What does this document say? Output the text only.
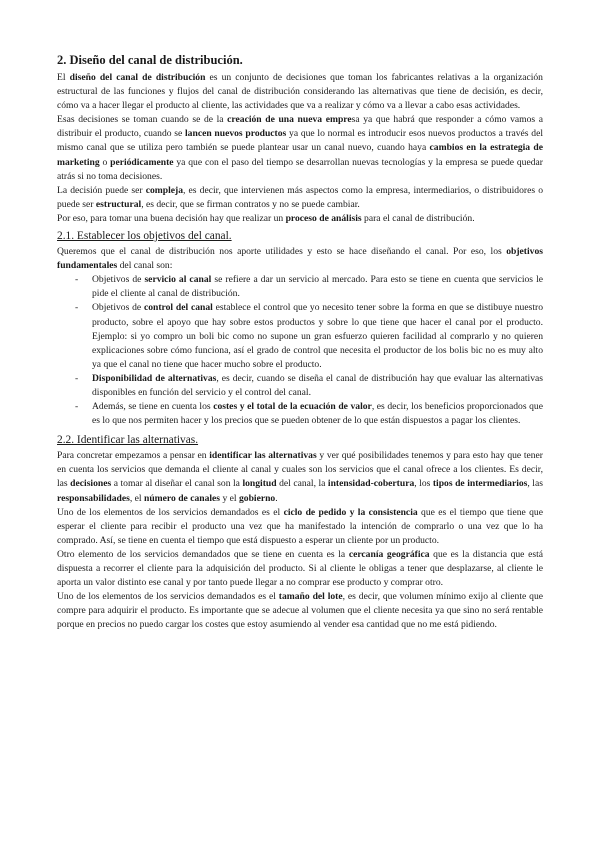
2. Diseño del canal de distribución.

El diseño del canal de distribución es un conjunto de decisiones que toman los fabricantes relativas a la organización estructural de las funciones y flujos del canal de distribución considerando las alternativas que tiene de decisión, es decir, cómo va a hacer llegar el producto al cliente, las actividades que va a realizar y cómo va a llevar a cabo esas actividades.

Esas decisiones se toman cuando se de la creación de una nueva empresa ya que habrá que responder a cómo vamos a distribuir el producto, cuando se lancen nuevos productos ya que lo normal es introducir esos nuevos productos a través del mismo canal que se utiliza pero también se puede plantear usar un canal nuevo, cuando haya cambios en la estrategia de marketing o periódicamente ya que con el paso del tiempo se desarrollan nuevas tecnologías y la empresa se puede quedar atrás si no toma decisiones.

La decisión puede ser compleja, es decir, que intervienen más aspectos como la empresa, intermediarios, o distribuidores o puede ser estructural, es decir, que se firman contratos y no se puede cambiar.

Por eso, para tomar una buena decisión hay que realizar un proceso de análisis para el canal de distribución.

2.1. Establecer los objetivos del canal.

Queremos que el canal de distribución nos aporte utilidades y esto se hace diseñando el canal. Por eso, los objetivos fundamentales del canal son:

- Objetivos de servicio al canal se refiere a dar un servicio al mercado. Para esto se tiene en cuenta que servicios le pide el cliente al canal de distribución.
- Objetivos de control del canal establece el control que yo necesito tener sobre la forma en que se distibuye nuestro producto, sobre el apoyo que hay sobre estos productos y sobre lo que tiene que hacer el canal por el producto. Ejemplo: si yo compro un boli bic como no supone un gran esfuerzo quieren facilidad al comprarlo y no quieren explicaciones sobre cómo funciona, así el grado de control que necesita el productor de los bolis bic no es muy alto ya que el canal no tiene que hacer mucho sobre el producto.
- Disponibilidad de alternativas, es decir, cuando se diseña el canal de distribución hay que evaluar las alternativas disponibles en función del servicio y el control del canal.
- Además, se tiene en cuenta los costes y el total de la ecuación de valor, es decir, los beneficios proporcionados que es lo que nos permiten hacer y los precios que se pueden obtener de lo que están dispuestos a pagar los clientes.
2.2. Identificar las alternativas.

Para concretar empezamos a pensar en identificar las alternativas y ver qué posibilidades tenemos y para esto hay que tener en cuenta los servicios que demanda el cliente al canal y cuales son los servicios que el canal ofrece a los clientes. Es decir, las decisiones a tomar al diseñar el canal son la longitud del canal, la intensidad-cobertura, los tipos de intermediarios, las responsabilidades, el número de canales y el gobierno.

Uno de los elementos de los servicios demandados es el ciclo de pedido y la consistencia que es el tiempo que tiene que esperar el cliente para recibir el producto una vez que ha manifestado la intención de comprarlo o una vez que lo ha comprado. Así, se tiene en cuenta el tiempo que está dispuesto a esperar un cliente por un producto.

Otro elemento de los servicios demandados que se tiene en cuenta es la cercanía geográfica que es la distancia que está dispuesta a recorrer el cliente para la adquisición del producto. Si al cliente le obligas a tener que desplazarse, al cliente le aporta un valor distinto ese canal y por tanto puede llegar a no comprar ese producto y comprar otro.

Uno de los elementos de los servicios demandados es el tamaño del lote, es decir, que volumen mínimo exijo al cliente que compre para adquirir el producto. Es importante que se adecue al volumen que el cliente necesita ya que sino no será rentable porque en precios no puedo cargar los costes que estoy asumiendo al vender esa cantidad que no me está pidiendo.
